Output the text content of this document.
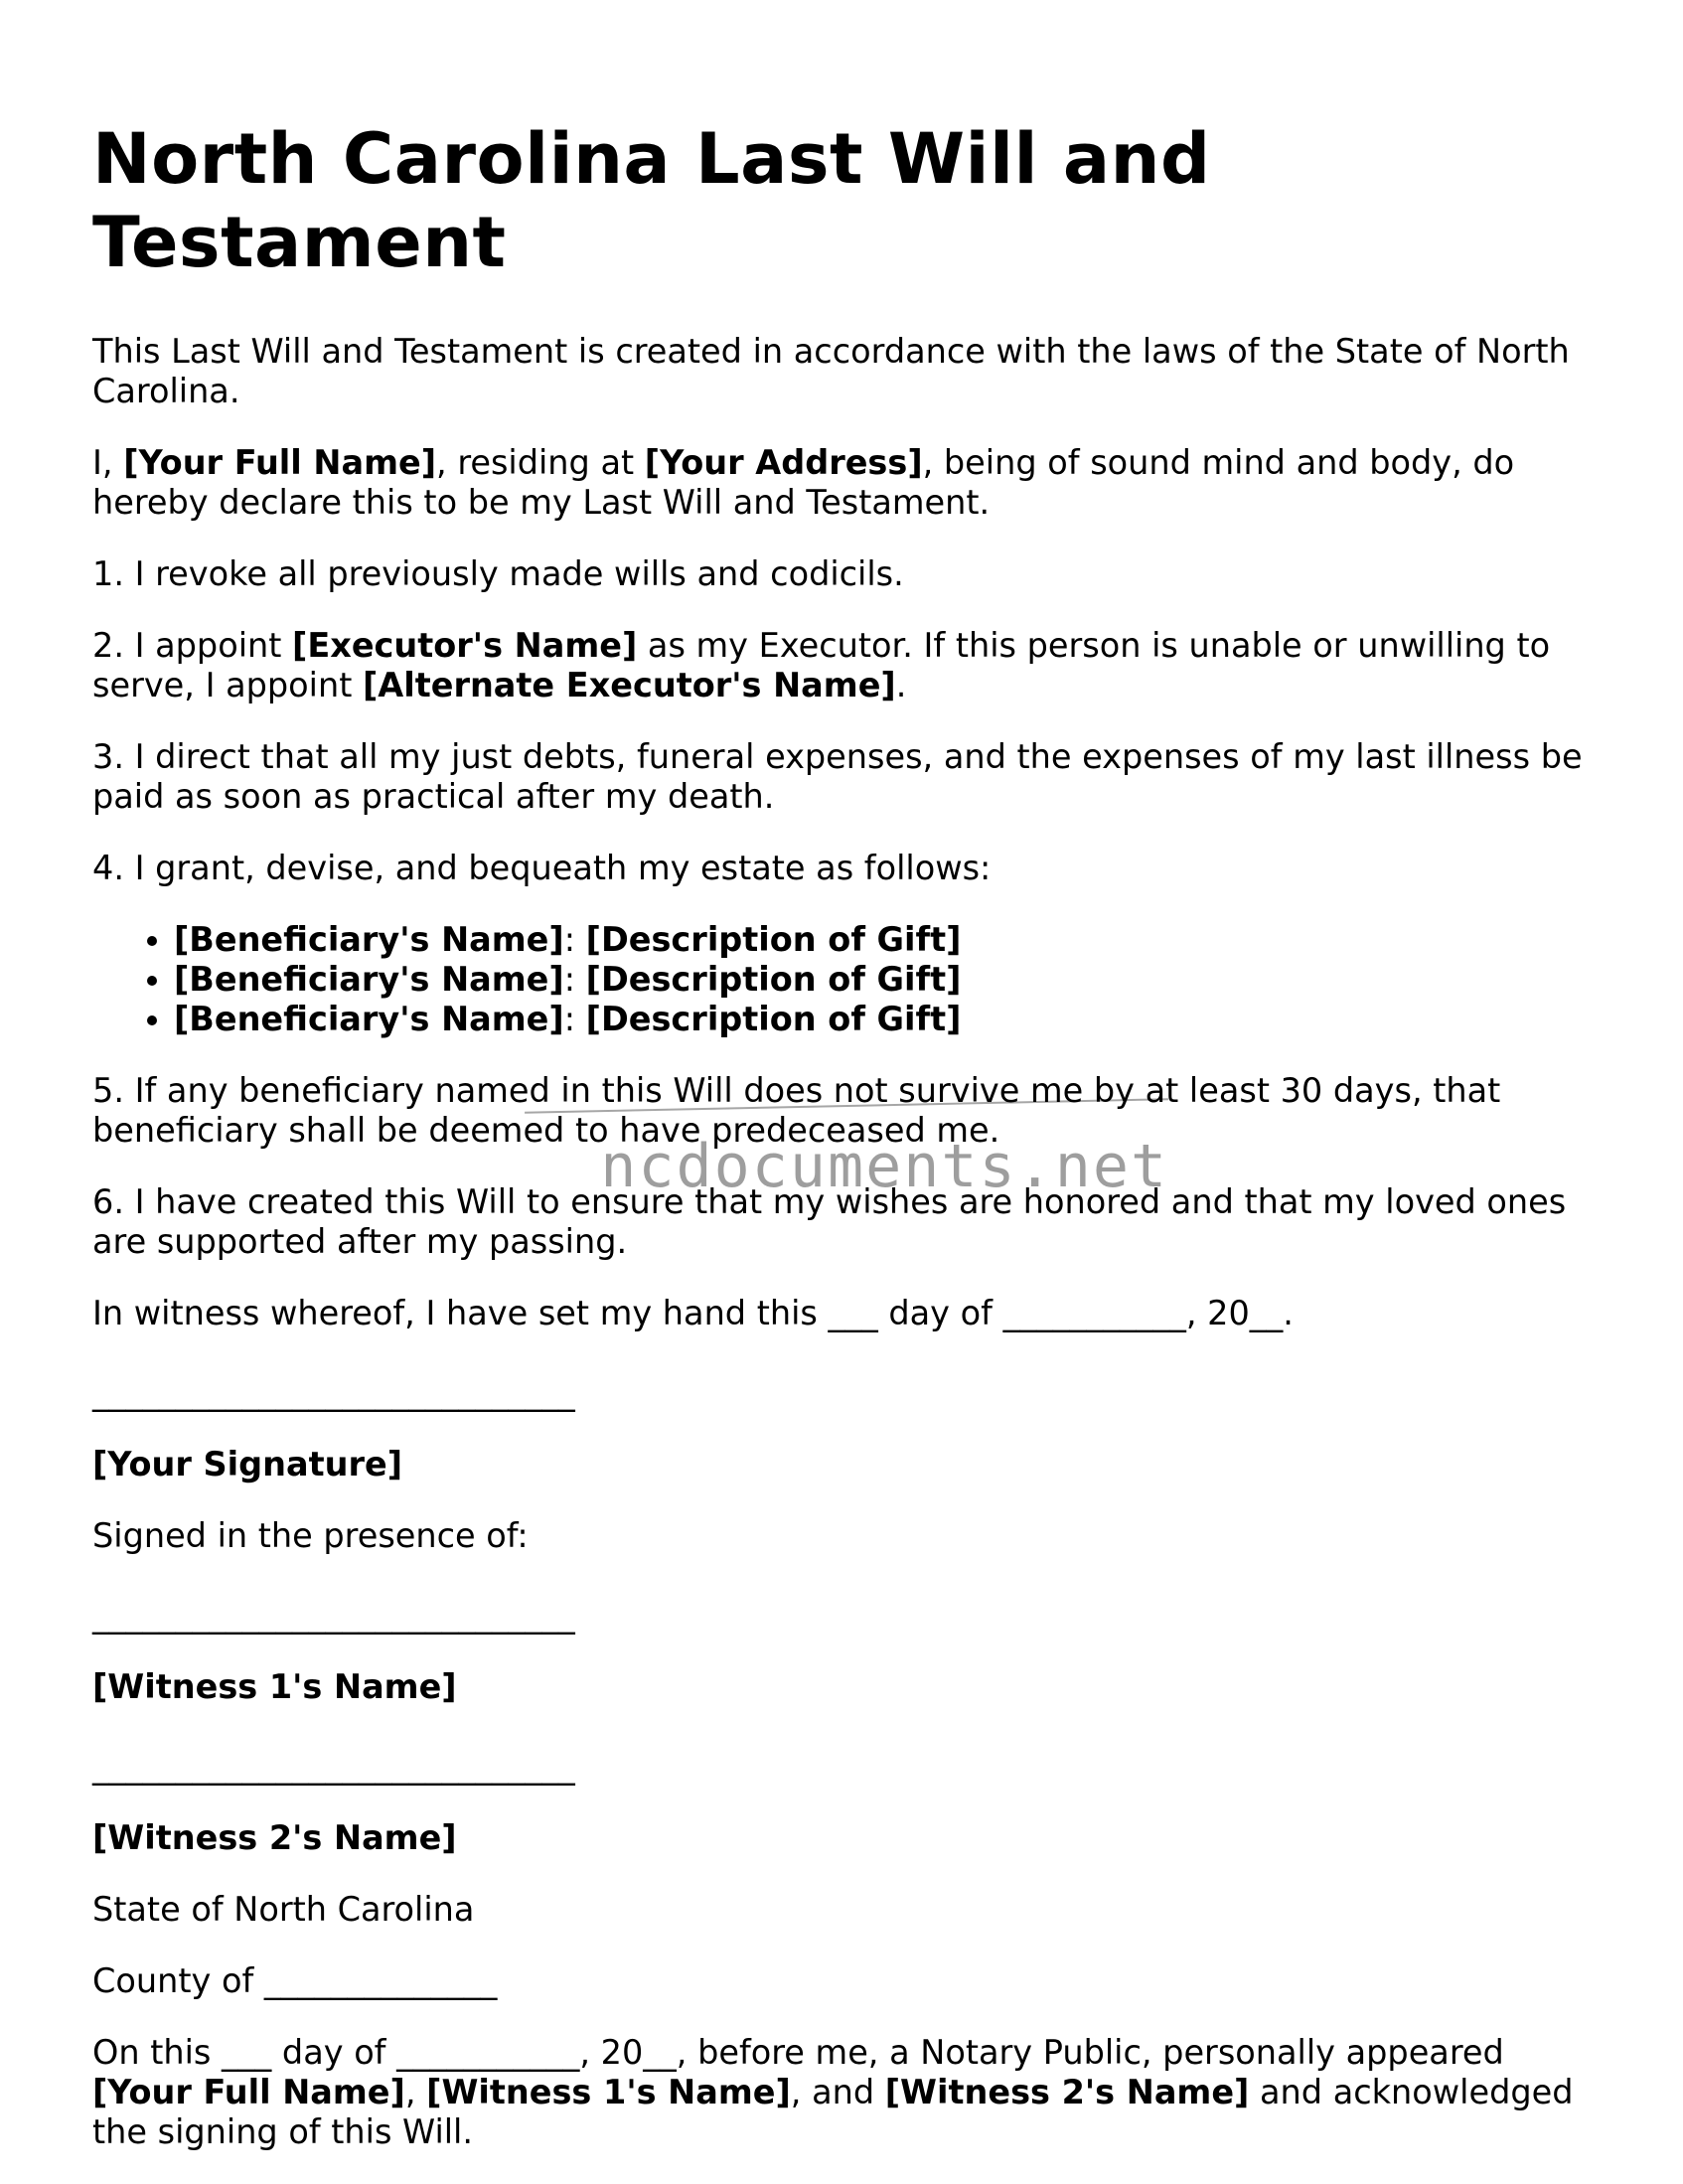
North Carolina Last Will and Testament

This Last Will and Testament is created in accordance with the laws of the State of North Carolina.

I, [Your Full Name], residing at [Your Address], being of sound mind and body, do hereby declare this to be my Last Will and Testament.

1. I revoke all previously made wills and codicils.

2. I appoint [Executor's Name] as my Executor. If this person is unable or unwilling to serve, I appoint [Alternate Executor's Name].

3. I direct that all my just debts, funeral expenses, and the expenses of my last illness be paid as soon as practical after my death.

4. I grant, devise, and bequeath my estate as follows:

• [Beneficiary's Name]: [Description of Gift]
• [Beneficiary's Name]: [Description of Gift]
• [Beneficiary's Name]: [Description of Gift]

5. If any beneficiary named in this Will does not survive me by at least 30 days, that beneficiary shall be deemed to have predeceased me.

6. I have created this Will to ensure that my wishes are honored and that my loved ones are supported after my passing.

In witness whereof, I have set my hand this ___ day of ___________, 20__.

_____________________________

[Your Signature]

Signed in the presence of:

_____________________________

[Witness 1's Name]

_____________________________

[Witness 2's Name]

State of North Carolina

County of ______________

On this ___ day of ___________, 20__, before me, a Notary Public, personally appeared [Your Full Name], [Witness 1's Name], and [Witness 2's Name] and acknowledged the signing of this Will.

ncdocuments.net
